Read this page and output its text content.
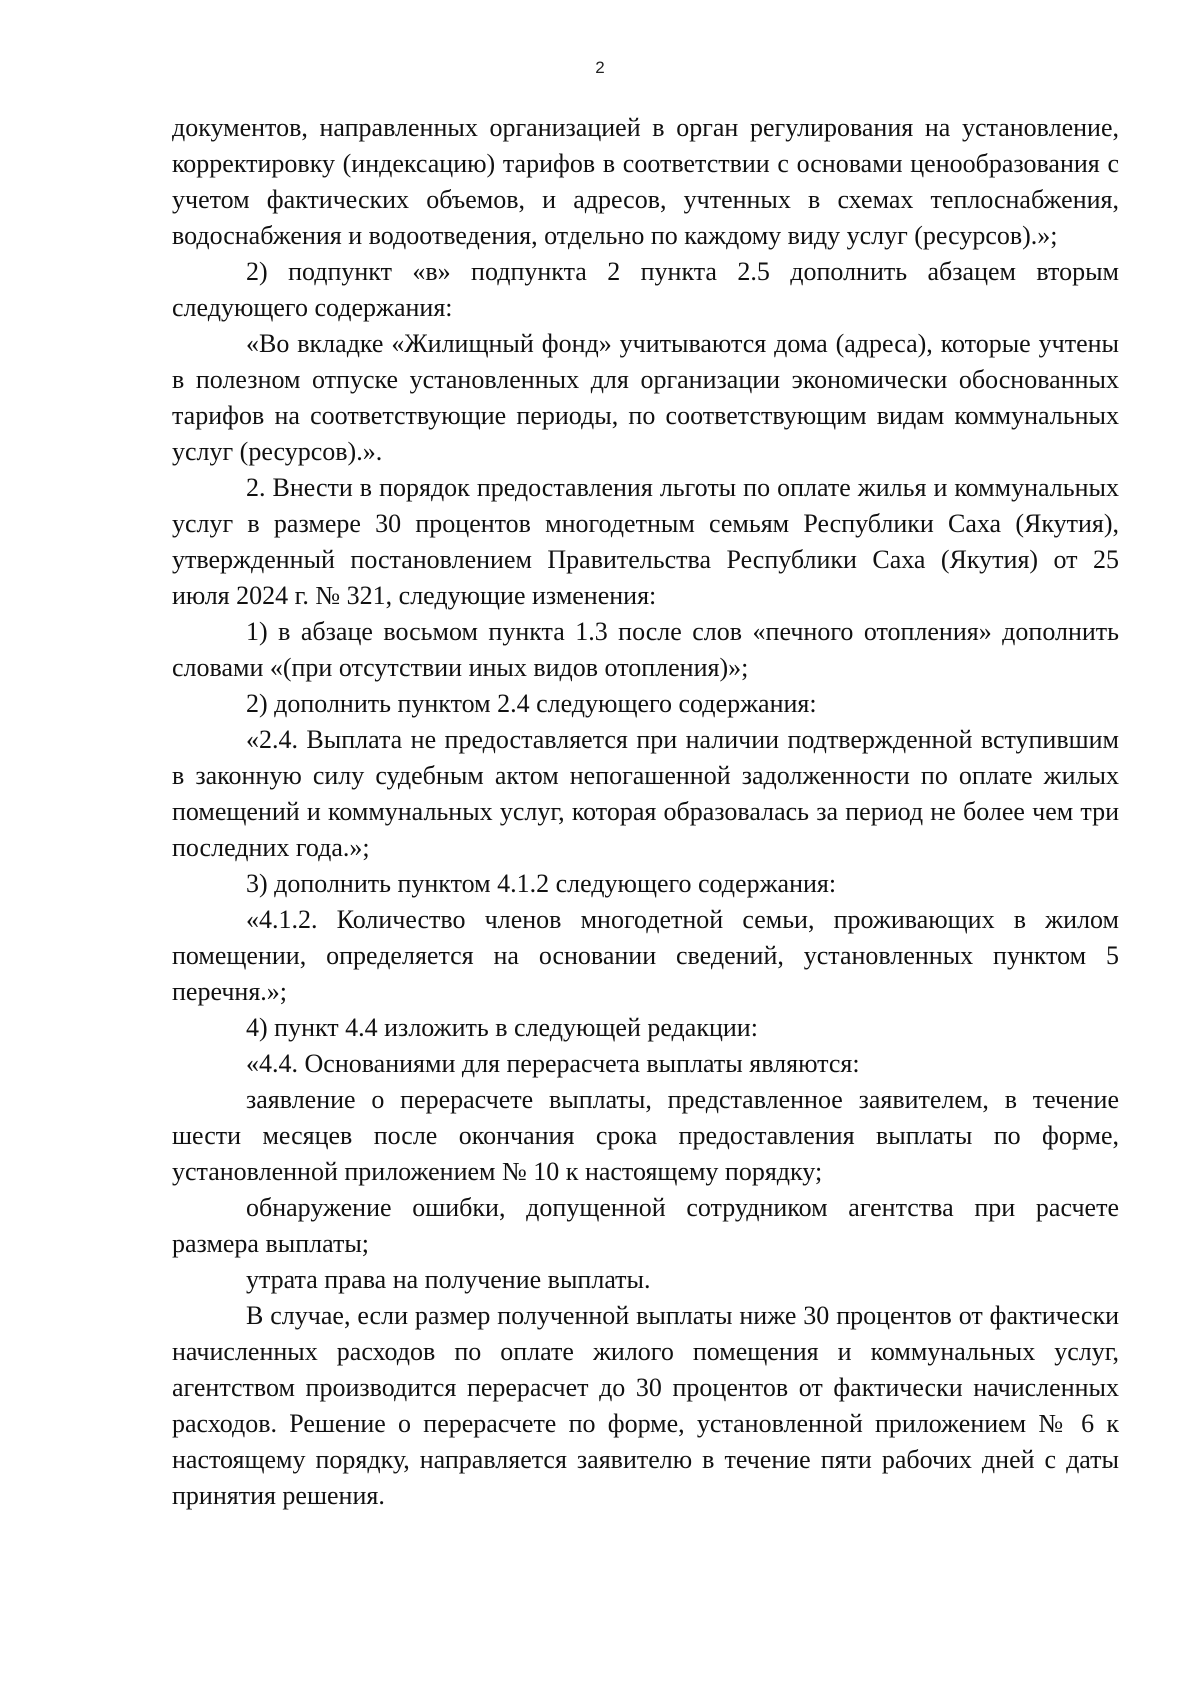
2

документов, направленных организацией в орган регулирования на установление, корректировку (индексацию) тарифов в соответствии с основами ценообразования с учетом фактических объемов, и адресов, учтенных в схемах теплоснабжения, водоснабжения и водоотведения, отдельно по каждому виду услуг (ресурсов).»;

2) подпункт «в» подпункта 2 пункта 2.5 дополнить абзацем вторым следующего содержания:

«Во вкладке «Жилищный фонд» учитываются дома (адреса), которые учтены в полезном отпуске установленных для организации экономически обоснованных тарифов на соответствующие периоды, по соответствующим видам коммунальных услуг (ресурсов).».

2. Внести в порядок предоставления льготы по оплате жилья и коммунальных услуг в размере 30 процентов многодетным семьям Республики Саха (Якутия), утвержденный постановлением Правительства Республики Саха (Якутия) от 25 июля 2024 г. № 321, следующие изменения:

1) в абзаце восьмом пункта 1.3 после слов «печного отопления» дополнить словами «(при отсутствии иных видов отопления)»;

2) дополнить пунктом 2.4 следующего содержания:

«2.4. Выплата не предоставляется при наличии подтвержденной вступившим в законную силу судебным актом непогашенной задолженности по оплате жилых помещений и коммунальных услуг, которая образовалась за период не более чем три последних года.»;

3) дополнить пунктом 4.1.2 следующего содержания:

«4.1.2. Количество членов многодетной семьи, проживающих в жилом помещении, определяется на основании сведений, установленных пунктом 5 перечня.»;

4) пункт 4.4 изложить в следующей редакции:

«4.4. Основаниями для перерасчета выплаты являются:

заявление о перерасчете выплаты, представленное заявителем, в течение шести месяцев после окончания срока предоставления выплаты по форме, установленной приложением № 10 к настоящему порядку;

обнаружение ошибки, допущенной сотрудником агентства при расчете размера выплаты;

утрата права на получение выплаты.

В случае, если размер полученной выплаты ниже 30 процентов от фактически начисленных расходов по оплате жилого помещения и коммунальных услуг, агентством производится перерасчет до 30 процентов от фактически начисленных расходов. Решение о перерасчете по форме, установленной приложением № 6 к настоящему порядку, направляется заявителю в течение пяти рабочих дней с даты принятия решения.
